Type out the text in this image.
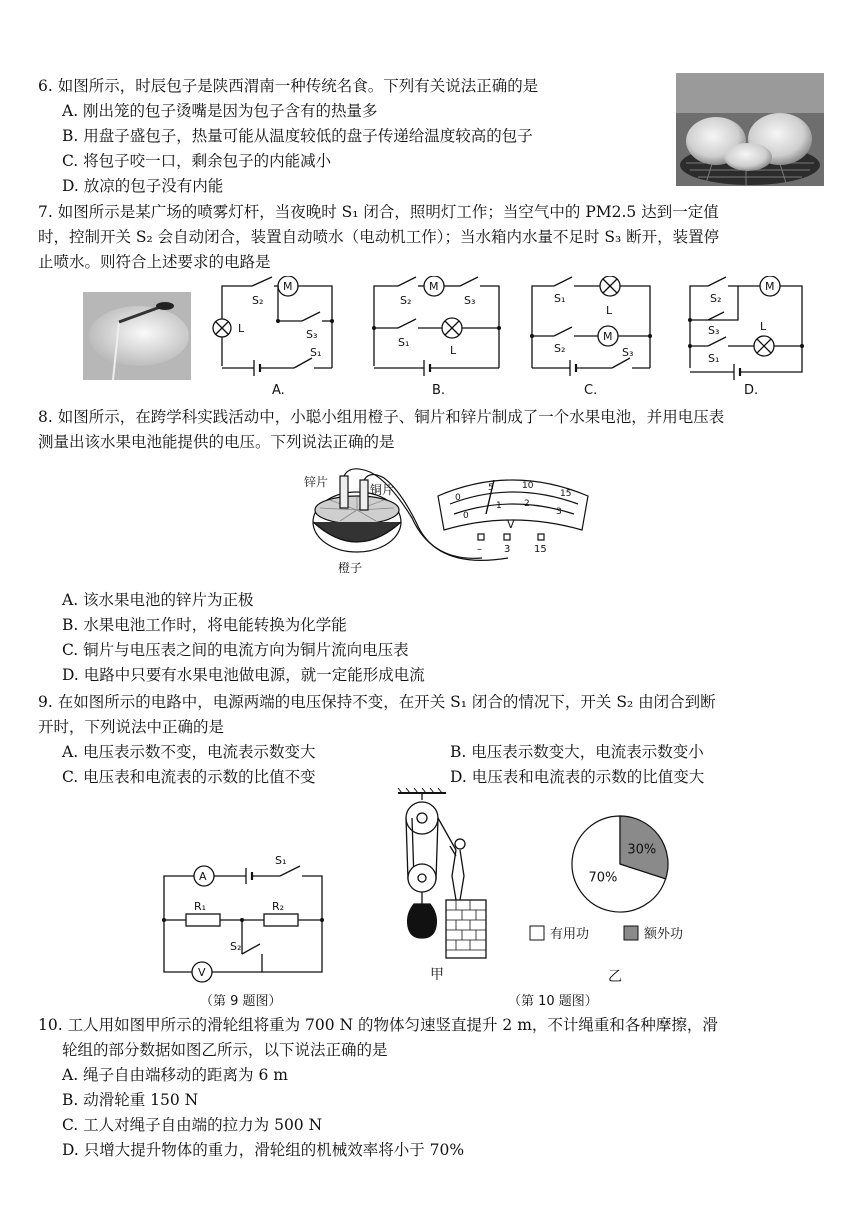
6. 如图所示，时辰包子是陕西渭南一种传统名食。下列有关说法正确的是
A. 刚出笼的包子烫嘴是因为包子含有的热量多
B. 用盘子盛包子，热量可能从温度较低的盘子传递给温度较高的包子
C. 将包子咬一口，剩余包子的内能减小
D. 放凉的包子没有内能
7. 如图所示是某广场的喷雾灯杆，当夜晚时 S₁ 闭合，照明灯工作；当空气中的 PM2.5 达到一定值
时，控制开关 S₂ 会自动闭合，装置自动喷水（电动机工作）；当水箱内水量不足时 S₃ 断开，装置停
止喷水。则符合上述要求的电路是
S₂
M
L	S₃
S₁
A.
S₂
M
S₃
S₁
L
B.
S₁
L
S₂
M
S₃
C.
S₂
M
S₃	L
S₁
D.
8. 如图所示，在跨学科实践活动中，小聪小组用橙子、铜片和锌片制成了一个水果电池，并用电压表
测量出该水果电池能提供的电压。下列说法正确的是
锌片
铜片
橙子
0
5	10
15
0
1 2
3
V
– 3 15
A. 该水果电池的锌片为正极
B. 水果电池工作时，将电能转换为化学能
C. 铜片与电压表之间的电流方向为铜片流向电压表
D. 电路中只要有水果电池做电源，就一定能形成电流
9. 在如图所示的电路中，电源两端的电压保持不变，在开关 S₁ 闭合的情况下，开关 S₂ 由闭合到断
开时，下列说法中正确的是
A. 电压表示数不变，电流表示数变大	B. 电压表示数变大，电流表示数变小
C. 电压表和电流表的示数的比值不变	D. 电压表和电流表的示数的比值变大
A
V
S₁
R₁	R₂
S₂
（第 9 题图）
甲
70%
30%
有用功	额外功
乙
（第 10 题图）
10. 工人用如图甲所示的滑轮组将重为 700 N 的物体匀速竖直提升 2 m，不计绳重和各种摩擦，滑
轮组的部分数据如图乙所示，以下说法正确的是
A. 绳子自由端移动的距离为 6 m
B. 动滑轮重 150 N
C. 工人对绳子自由端的拉力为 500 N
D. 只增大提升物体的重力，滑轮组的机械效率将小于 70%
